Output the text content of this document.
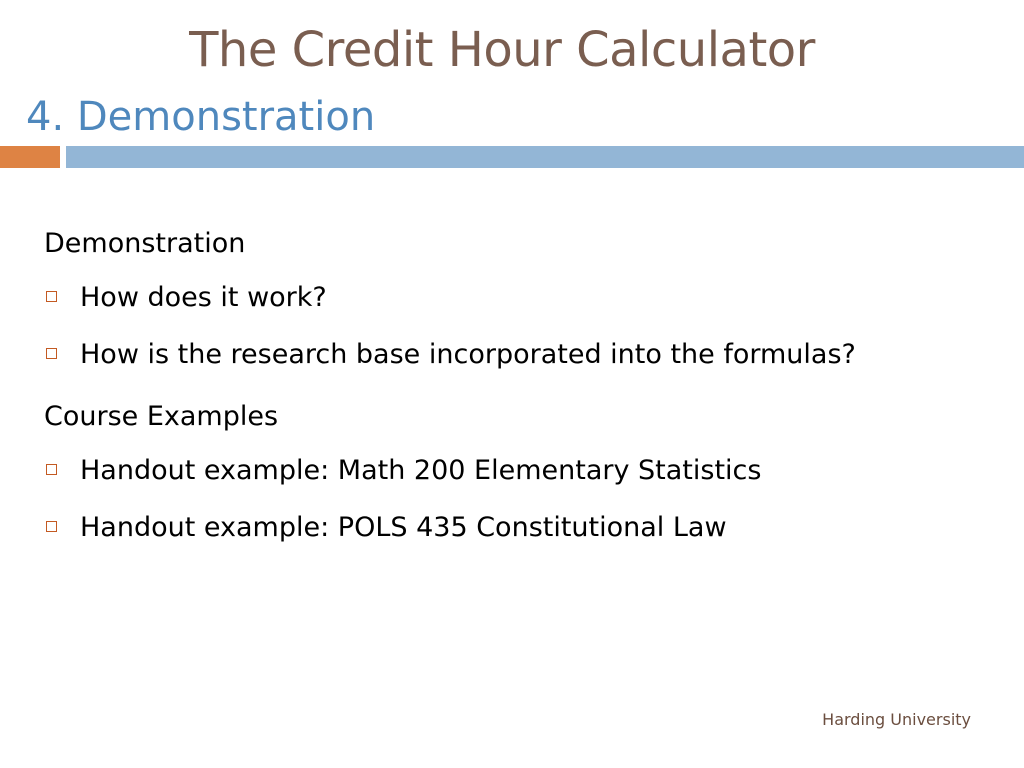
The Credit Hour Calculator
4. Demonstration
Demonstration
How does it work?
How is the research base incorporated into the formulas?
Course Examples
Handout example: Math 200 Elementary Statistics
Handout example: POLS 435 Constitutional Law
Harding University
